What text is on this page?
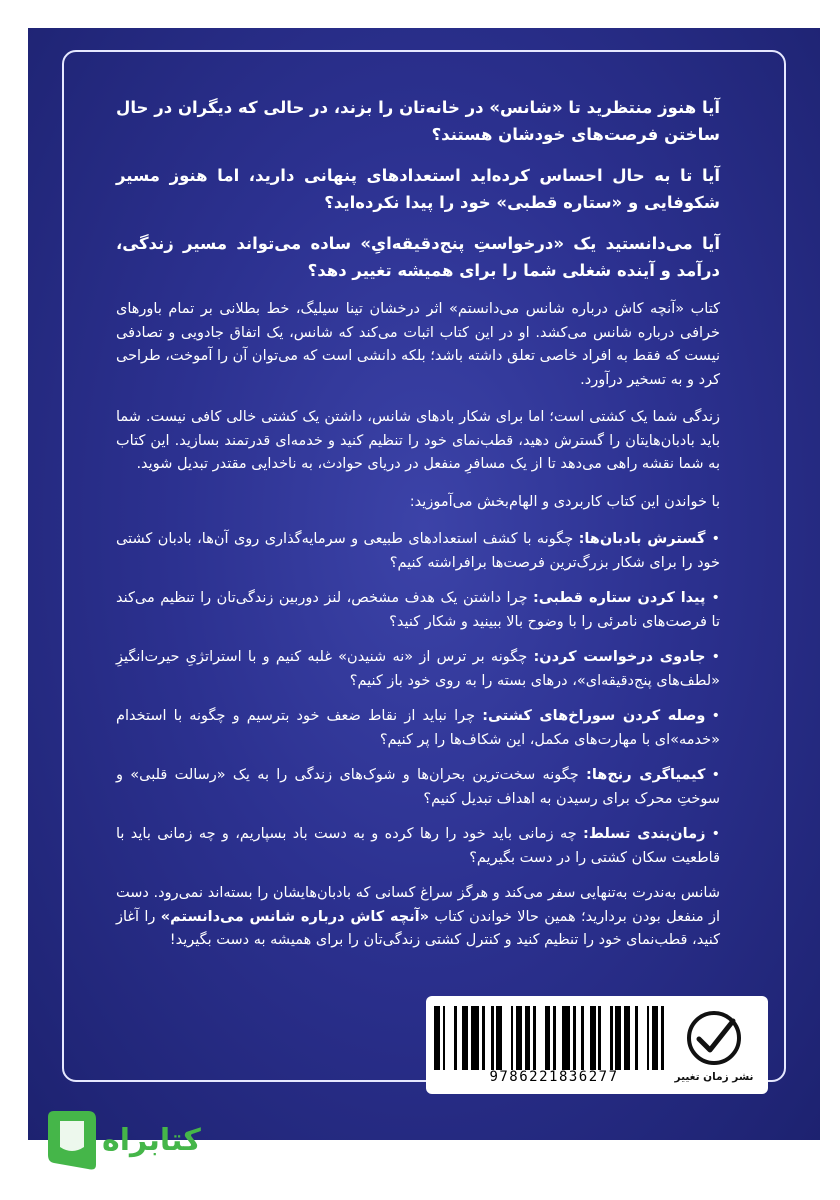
آیا هنوز منتظرید تا «شانس» در خانه‌تان را بزند، در حالی که دیگران در حال ساختن فرصت‌های خودشان هستند؟

آیا تا به حال احساس کرده‌اید استعدادهای پنهانی دارید، اما هنوز مسیر شکوفایی و «ستاره قطبی» خود را پیدا نکرده‌اید؟

آیا می‌دانستید یک «درخواستِ پنج‌دقیقه‌ایِ» ساده می‌تواند مسیر زندگی، درآمد و آینده شغلی شما را برای همیشه تغییر دهد؟

کتاب «آنچه کاش درباره شانس می‌دانستم» اثر درخشان تینا سیلیگ، خط بطلانی بر تمام باورهای خرافی درباره شانس می‌کشد. او در این کتاب اثبات می‌کند که شانس، یک اتفاق جادویی و تصادفی نیست که فقط به افراد خاصی تعلق داشته باشد؛ بلکه دانشی است که می‌توان آن را آموخت، طراحی کرد و به تسخیر درآورد.

زندگی شما یک کشتی است؛ اما برای شکار بادهای شانس، داشتن یک کشتی خالی کافی نیست. شما باید بادبان‌هایتان را گسترش دهید، قطب‌نمای خود را تنظیم کنید و خدمه‌ای قدرتمند بسازید. این کتاب به شما نقشه راهی می‌دهد تا از یک مسافرِ منفعل در دریای حوادث، به ناخدایی مقتدر تبدیل شوید.

با خواندن این کتاب کاربردی و الهام‌بخش می‌آموزید:

•گسترش بادبان‌ها: چگونه با کشف استعدادهای طبیعی و سرمایه‌گذاری روی آن‌ها، بادبان کشتی خود را برای شکار بزرگ‌ترین فرصت‌ها برافراشته کنیم؟

•پیدا کردن ستاره قطبی: چرا داشتن یک هدف مشخص، لنز دوربین زندگی‌تان را تنظیم می‌کند تا فرصت‌های نامرئی را با وضوح بالا ببینید و شکار کنید؟

•جادوی درخواست کردن: چگونه بر ترس از «نه شنیدن» غلبه کنیم و با استراتژیِ حیرت‌انگیزِ «لطف‌های پنج‌دقیقه‌ای»، درهای بسته را به روی خود باز کنیم؟

•وصله کردن سوراخ‌های کشتی: چرا نباید از نقاط ضعف خود بترسیم و چگونه با استخدام «خدمه»‌ای با مهارت‌های مکمل، این شکاف‌ها را پر کنیم؟

•کیمیاگری رنج‌ها: چگونه سخت‌ترین بحران‌ها و شوک‌های زندگی را به یک «رسالت قلبی» و سوختِ محرک برای رسیدن به اهداف تبدیل کنیم؟

•زمان‌بندی تسلط: چه زمانی باید خود را رها کرده و به دست باد بسپاریم، و چه زمانی باید با قاطعیت سکان کشتی را در دست بگیریم؟

شانس به‌ندرت به‌تنهایی سفر می‌کند و هرگز سراغ کسانی که بادبان‌هایشان را بسته‌اند نمی‌رود. دست از منفعل بودن بردارید؛ همین حالا خواندن کتاب «آنچه کاش درباره شانس می‌دانستم» را آغاز کنید، قطب‌نمای خود را تنظیم کنید و کنترل کشتی زندگی‌تان را برای همیشه به دست بگیرید!

نشر زمان تغییر
9786221836277
کتابراه
